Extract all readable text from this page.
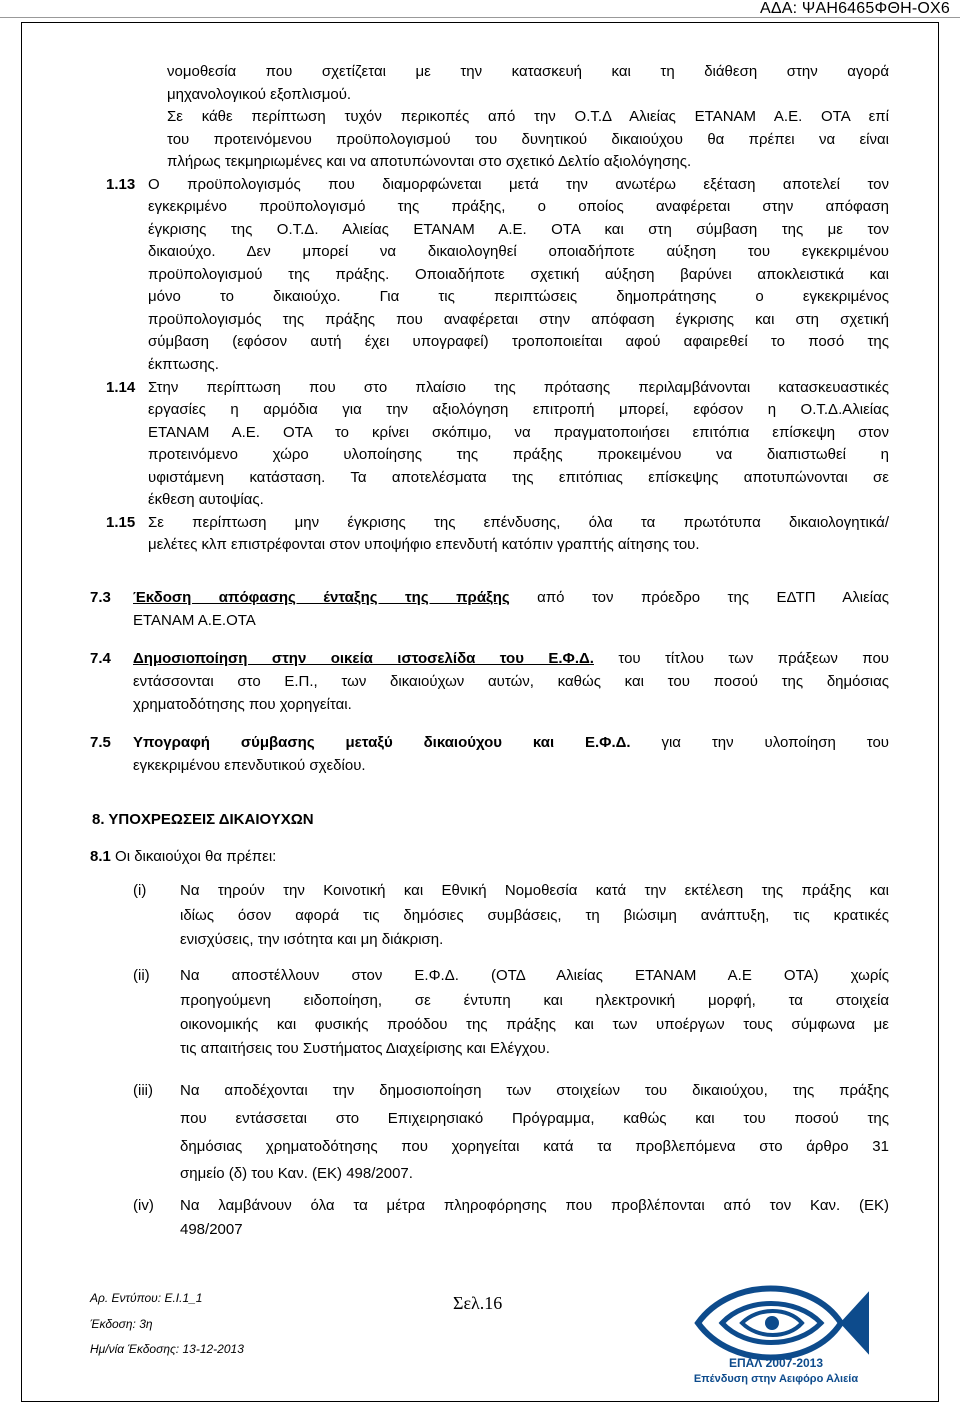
ΑΔΑ: ΨΑΗ6465ΦΘΗ-ΟΧ6
νομοθεσία που σχετίζεται με την κατασκευή και τη διάθεση στην αγορά
μηχανολογικού εξοπλισμού.
Σε κάθε περίπτωση τυχόν περικοπές από την Ο.Τ.Δ Αλιείας ΕΤΑΝΑΜ Α.Ε. ΟΤΑ επί
του προτεινόμενου προϋπολογισμού του δυνητικού δικαιούχου θα πρέπει να είναι
πλήρως τεκμηριωμένες και να αποτυπώνονται στο σχετικό Δελτίο αξιολόγησης.
1.13 Ο προϋπολογισμός που διαμορφώνεται μετά την ανωτέρω εξέταση αποτελεί τον
εγκεκριμένο προϋπολογισμό της πράξης, ο οποίος αναφέρεται στην απόφαση
έγκρισης της Ο.Τ.Δ. Αλιείας ΕΤΑΝΑΜ Α.Ε. ΟΤΑ και στη σύμβαση της με τον
δικαιούχο. Δεν μπορεί να δικαιολογηθεί οποιαδήποτε αύξηση του εγκεκριμένου
προϋπολογισμού της πράξης. Οποιαδήποτε σχετική αύξηση βαρύνει αποκλειστικά και
μόνο το δικαιούχο. Για τις περιπτώσεις δημοπράτησης ο εγκεκριμένος
προϋπολογισμός της πράξης που αναφέρεται στην απόφαση έγκρισης και στη σχετική
σύμβαση (εφόσον αυτή έχει υπογραφεί) τροποποιείται αφού αφαιρεθεί το ποσό της
έκπτωσης.
1.14 Στην περίπτωση που στο πλαίσιο της πρότασης περιλαμβάνονται κατασκευαστικές
εργασίες η αρμόδια για την αξιολόγηση επιτροπή μπορεί, εφόσον η Ο.Τ.Δ.Αλιείας
ΕΤΑΝΑΜ Α.Ε. ΟΤΑ το κρίνει σκόπιμο, να πραγματοποιήσει επιτόπια επίσκεψη στον
προτεινόμενο χώρο υλοποίησης της πράξης προκειμένου να διαπιστωθεί η
υφιστάμενη κατάσταση. Τα αποτελέσματα της επιτόπιας επίσκεψης αποτυπώνονται σε
έκθεση αυτοψίας.
1.15 Σε περίπτωση μην έγκρισης της επένδυσης, όλα τα πρωτότυπα δικαιολογητικά/
μελέτες κλπ επιστρέφονται στον υποψήφιο επενδυτή κατόπιν γραπτής αίτησης του.
7.3 Έκδοση απόφασης ένταξης της πράξης από τον πρόεδρο της ΕΔΤΠ Αλιείας
ΕΤΑΝΑΜ Α.Ε.ΟΤΑ
7.4 Δημοσιοποίηση στην οικεία ιστοσελίδα του Ε.Φ.Δ. του τίτλου των πράξεων που
εντάσσονται στο Ε.Π., των δικαιούχων αυτών, καθώς και του ποσού της δημόσιας
χρηματοδότησης που χορηγείται.
7.5 Υπογραφή σύμβασης μεταξύ δικαιούχου και Ε.Φ.Δ. για την υλοποίηση του
εγκεκριμένου επενδυτικού σχεδίου.
8. ΥΠΟΧΡΕΩΣΕΙΣ ΔΙΚΑΙΟΥΧΩΝ
8.1 Οι δικαιούχοι θα πρέπει:
(i) Να τηρούν την Κοινοτική και Εθνική Νομοθεσία κατά την εκτέλεση της πράξης και
ιδίως όσον αφορά τις δημόσιες συμβάσεις, τη βιώσιμη ανάπτυξη, τις κρατικές
ενισχύσεις, την ισότητα και μη διάκριση.
(ii) Να αποστέλλουν στον Ε.Φ.Δ. (ΟΤΔ Αλιείας ΕΤΑΝΑΜ Α.Ε ΟΤΑ) χωρίς
προηγούμενη ειδοποίηση, σε έντυπη και ηλεκτρονική μορφή, τα στοιχεία
οικονομικής και φυσικής προόδου της πράξης και των υποέργων τους σύμφωνα με
τις απαιτήσεις του Συστήματος Διαχείρισης και Ελέγχου.
(iii) Να αποδέχονται την δημοσιοποίηση των στοιχείων του δικαιούχου, της πράξης
που εντάσσεται στο Επιχειρησιακό Πρόγραμμα, καθώς και του ποσού της
δημόσιας χρηματοδότησης που χορηγείται κατά τα προβλεπόμενα στο άρθρο 31
σημείο (δ) του Καν. (ΕΚ) 498/2007.
(iv) Να λαμβάνουν όλα τα μέτρα πληροφόρησης που προβλέπονται από τον Καν. (ΕΚ)
498/2007
Αρ. Εντύπου: Ε.Ι.1_1
Έκδοση: 3η
Ημ/νία Έκδοσης: 13-12-2013
Σελ.16
ΕΠΑΛ 2007-2013
Επένδυση στην Αειφόρο Αλιεία
